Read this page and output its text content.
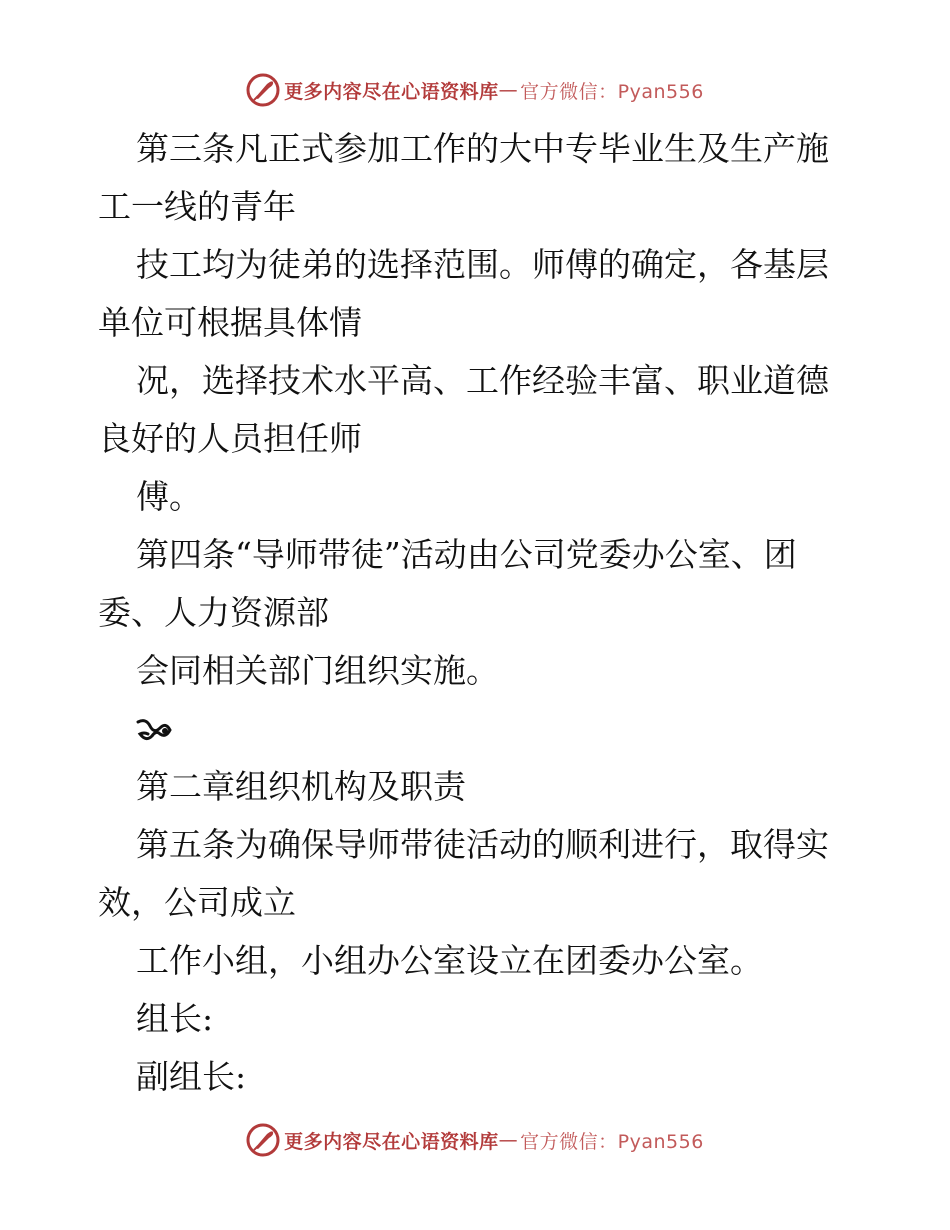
更多内容尽在心语资料库 — 官方微信：Pyan556
第三条凡正式参加工作的大中专毕业生及生产施
工一线的青年
技工均为徒弟的选择范围。师傅的确定，各基层
单位可根据具体情
况，选择技术水平高、工作经验丰富、职业道德
良好的人员担任师
傅。
第四条“导师带徒”活动由公司党委办公室、团
委、人力资源部
会同相关部门组织实施。
第二章组织机构及职责
第五条为确保导师带徒活动的顺利进行，取得实
效，公司成立
工作小组，小组办公室设立在团委办公室。
组长:
副组长:
更多内容尽在心语资料库 — 官方微信：Pyan556
